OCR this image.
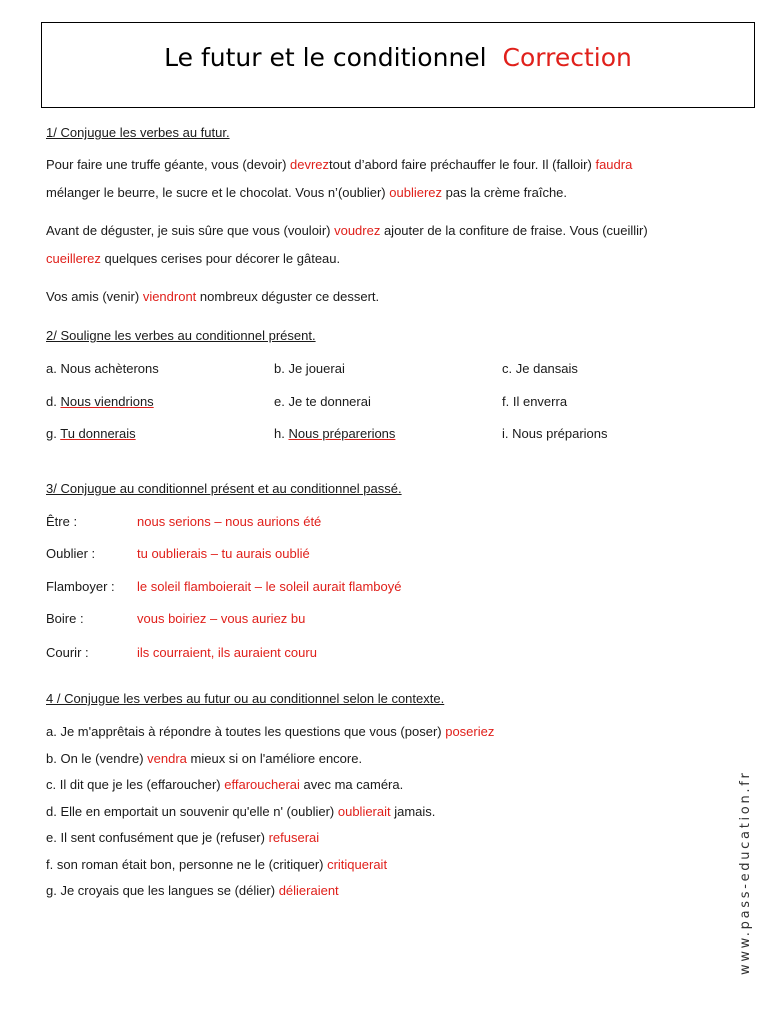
Le futur et le conditionnel Correction
1/ Conjugue les verbes au futur.
Pour faire une truffe géante, vous (devoir) devreztout d’abord faire préchauffer le four. Il (falloir) faudra
mélanger le beurre, le sucre et le chocolat. Vous n’(oublier) oublierez pas la crème fraîche.
Avant de déguster, je suis sûre que vous (vouloir) voudrez ajouter de la confiture de fraise. Vous (cueillir)
cueillerez quelques cerises pour décorer le gâteau.
Vos amis (venir) viendront nombreux déguster ce dessert.
2/ Souligne les verbes au conditionnel présent.
a. Nous achèterons	b. Je jouerai	c. Je dansais
d. Nous viendrions	e. Je te donnerai	f. Il enverra
g. Tu donnerais	h. Nous préparerions	i. Nous préparions
3/ Conjugue au conditionnel présent et au conditionnel passé.
Être :	nous serions – nous aurions été
Oublier :	tu oublierais – tu aurais oublié
Flamboyer : le soleil flamboierait – le soleil aurait flamboyé
Boire :	vous boiriez – vous auriez bu
Courir :	ils courraient, ils auraient couru
4 / Conjugue les verbes au futur ou au conditionnel selon le contexte.
a. Je m'apprêtais à répondre à toutes les questions que vous (poser) poseriez
b. On le (vendre) vendra mieux si on l'améliore encore.
c. Il dit que je les (effaroucher) effaroucherai avec ma caméra.
d. Elle en emportait un souvenir qu'elle n' (oublier) oublierait jamais.
e. Il sent confusément que je (refuser) refuserai
f. son roman était bon, personne ne le (critiquer) critiquerait
g. Je croyais que les langues se (délier) délieraient	www.pass-education.fr
